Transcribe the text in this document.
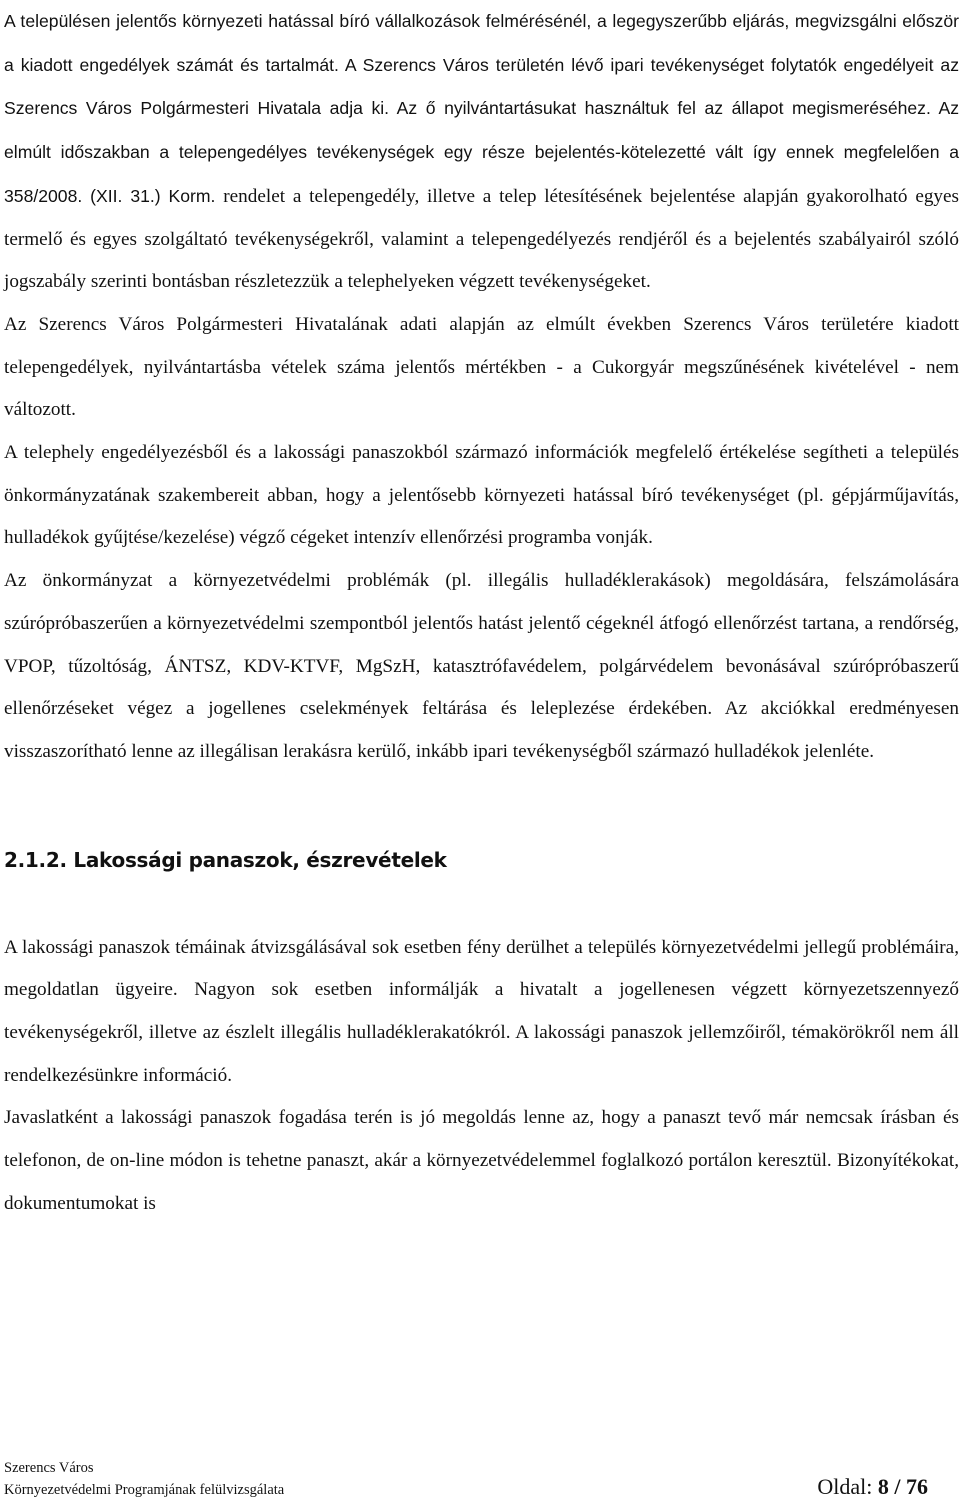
A településen jelentős környezeti hatással bíró vállalkozások felmérésénél, a legegyszerűbb eljárás, megvizsgálni először a kiadott engedélyek számát és tartalmát. A Szerencs Város területén lévő ipari tevékenységet folytatók engedélyeit az Szerencs Város Polgármesteri Hivatala adja ki. Az ő nyilvántartásukat használtuk fel az állapot megismeréséhez. Az elmúlt időszakban a telepengedélyes tevékenységek egy része bejelentés-kötelezetté vált így ennek megfelelően a 358/2008. (XII. 31.) Korm. rendelet a telepengedély, illetve a telep létesítésének bejelentése alapján gyakorolható egyes termelő és egyes szolgáltató tevékenységekről, valamint a telepengedélyezés rendjéről és a bejelentés szabályairól szóló jogszabály szerinti bontásban részletezzük a telephelyeken végzett tevékenységeket.

Az Szerencs Város Polgármesteri Hivatalának adati alapján az elmúlt években Szerencs Város területére kiadott telepengedélyek, nyilvántartásba vételek száma jelentős mértékben - a Cukorgyár megszűnésének kivételével - nem változott.

A telephely engedélyezésből és a lakossági panaszokból származó információk megfelelő értékelése segítheti a település önkormányzatának szakembereit abban, hogy a jelentősebb környezeti hatással bíró tevékenységet (pl. gépjárműjavítás, hulladékok gyűjtése/kezelése) végző cégeket intenzív ellenőrzési programba vonják.

Az önkormányzat a környezetvédelmi problémák (pl. illegális hulladéklerakások) megoldására, felszámolására szúrópróbaszerűen a környezetvédelmi szempontból jelentős hatást jelentő cégeknél átfogó ellenőrzést tartana, a rendőrség, VPOP, tűzoltóság, ÁNTSZ, KDV-KTVF, MgSzH, katasztrófavédelem, polgárvédelem bevonásával szúrópróbaszerű ellenőrzéseket végez a jogellenes cselekmények feltárása és leleplezése érdekében. Az akciókkal eredményesen visszaszorítható lenne az illegálisan lerakásra kerülő, inkább ipari tevékenységből származó hulladékok jelenléte.

2.1.2. Lakossági panaszok, észrevételek

A lakossági panaszok témáinak átvizsgálásával sok esetben fény derülhet a település környezetvédelmi jellegű problémáira, megoldatlan ügyeire. Nagyon sok esetben informálják a hivatalt a jogellenesen végzett környezetszennyező tevékenységekről, illetve az észlelt illegális hulladéklerakatókról. A lakossági panaszok jellemzőiről, témakörökről nem áll rendelkezésünkre információ.

Javaslatként a lakossági panaszok fogadása terén is jó megoldás lenne az, hogy a panaszt tevő már nemcsak írásban és telefonon, de on-line módon is tehetne panaszt, akár a környezetvédelemmel foglalkozó portálon keresztül. Bizonyítékokat, dokumentumokat is

Szerencs Város
Környezetvédelmi Programjának felülvizsgálata	Oldal: 8 / 76
